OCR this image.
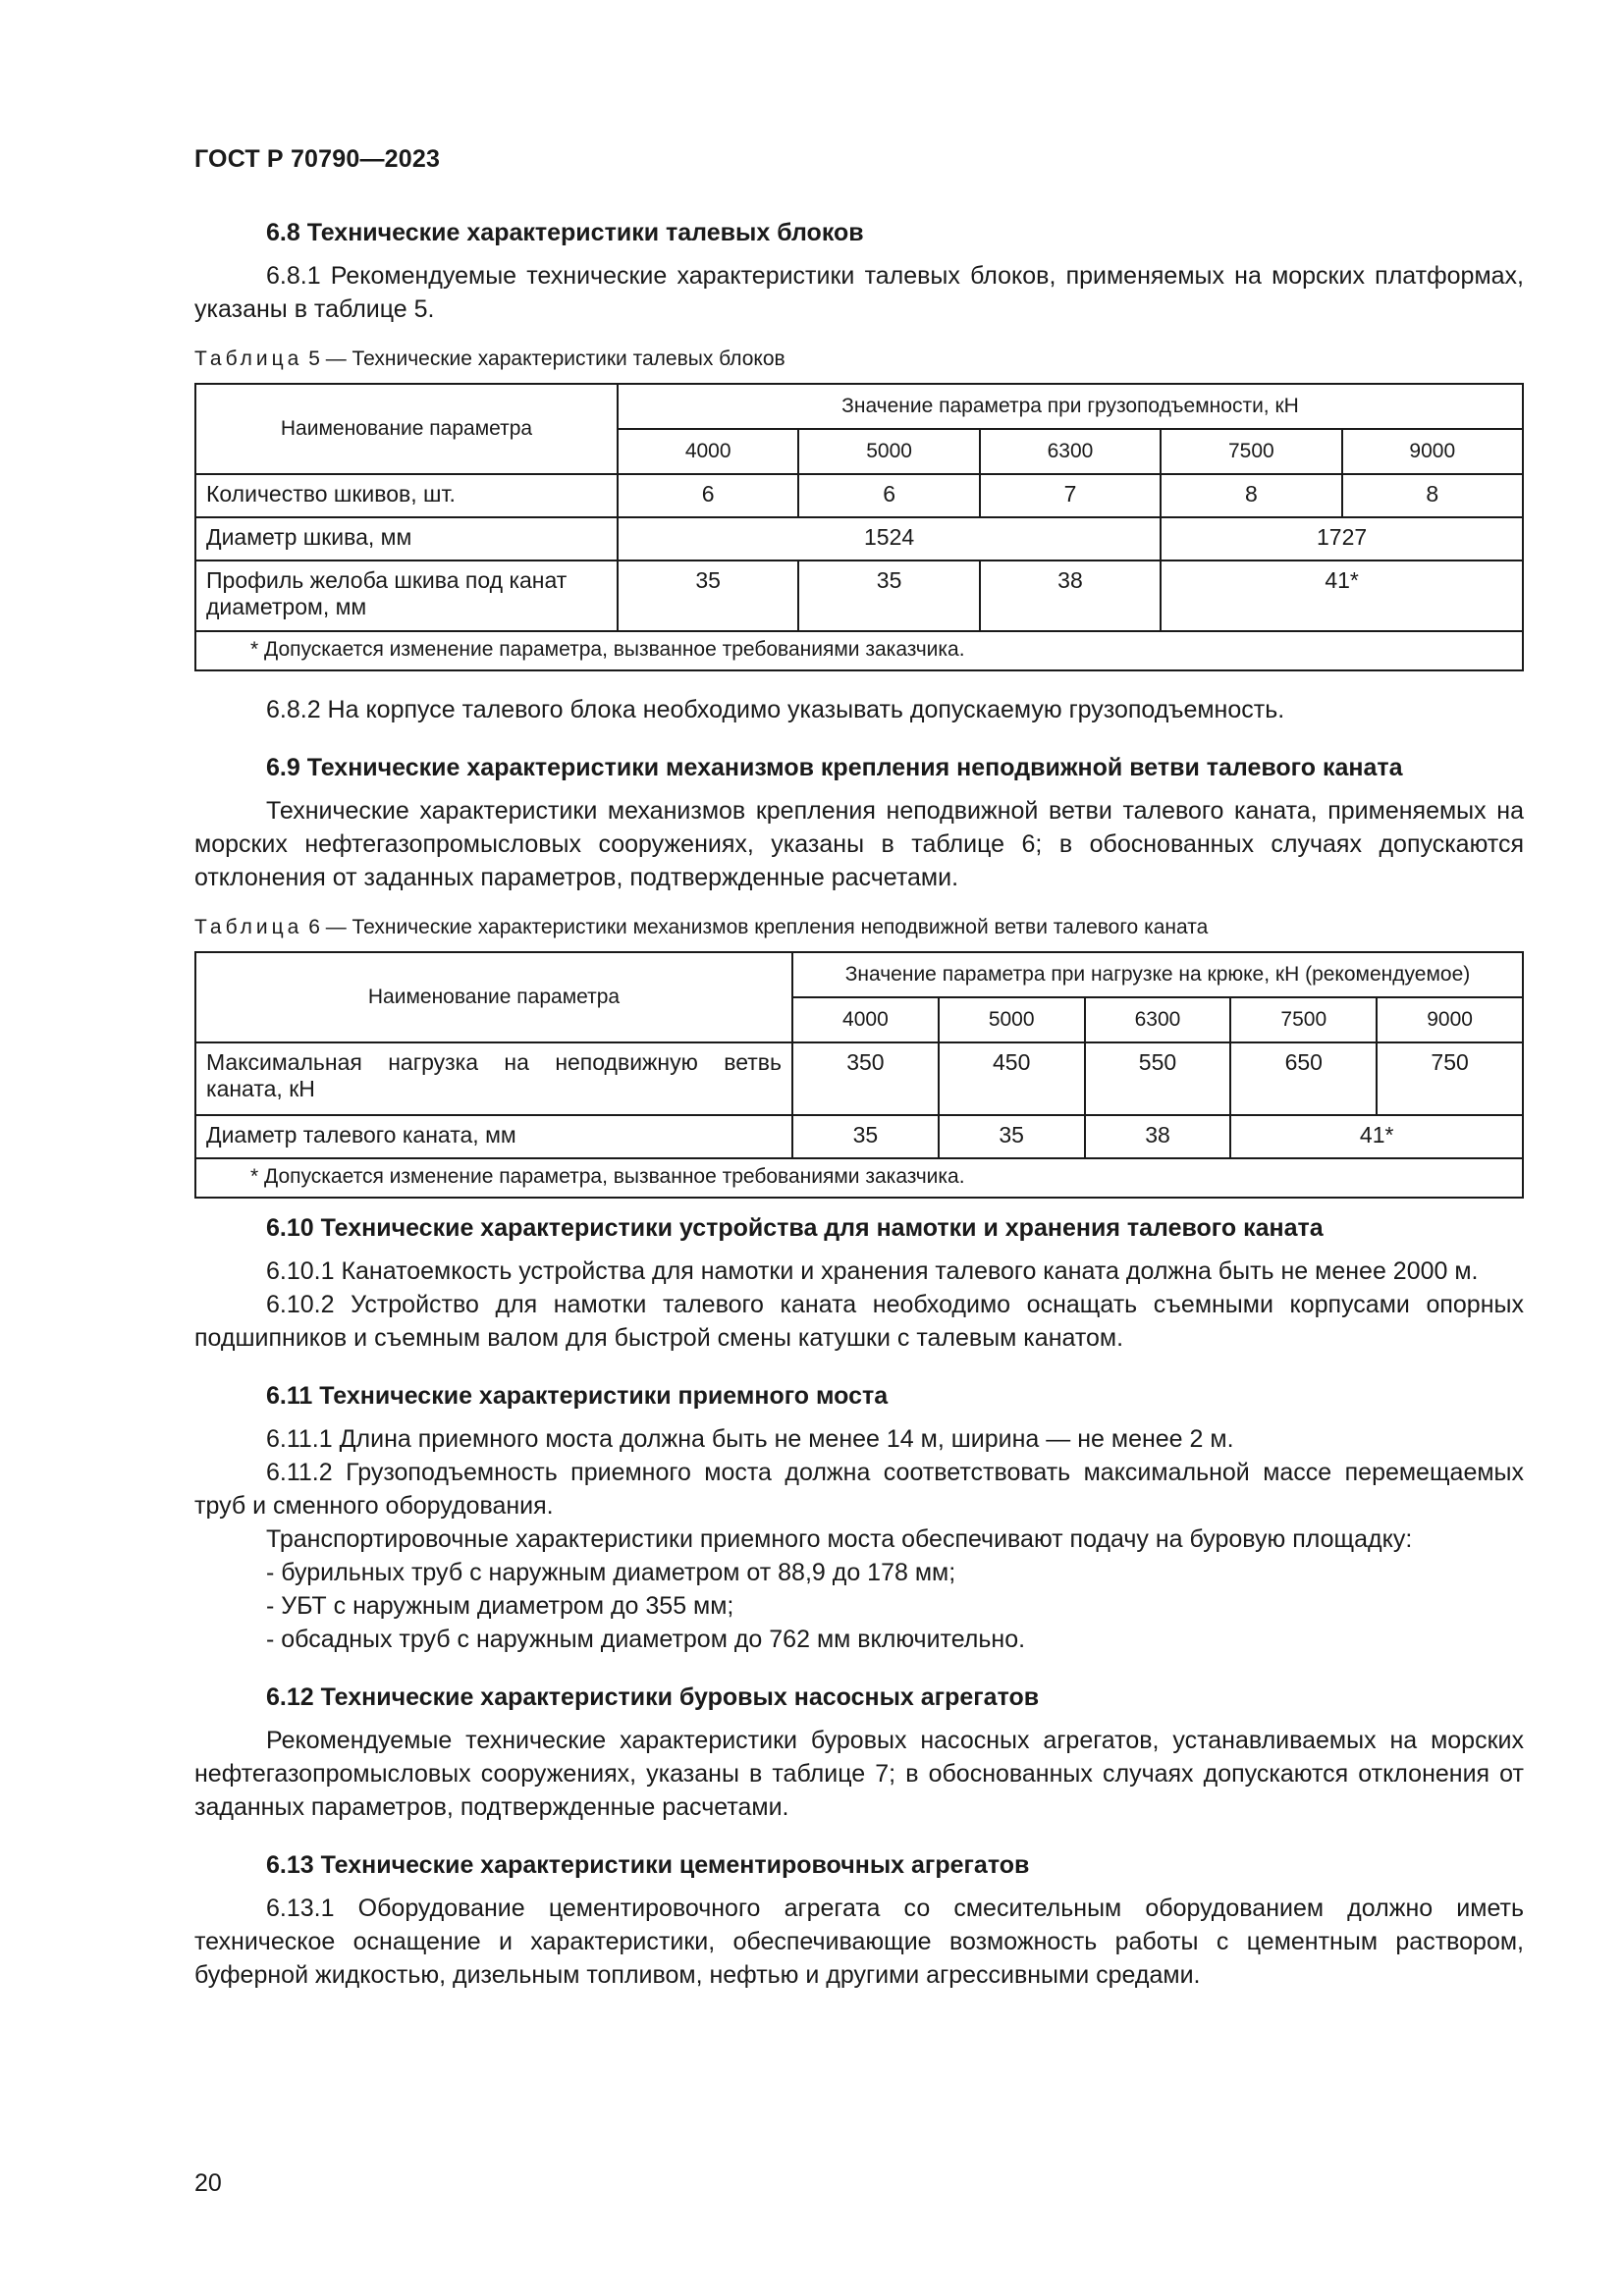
ГОСТ Р 70790—2023
6.8 Технические характеристики талевых блоков

6.8.1 Рекомендуемые технические характеристики талевых блоков, применяемых на морских платформах, указаны в таблице 5.

Таблица 5 — Технические характеристики талевых блоков
Наименование параметра	Значение параметра при грузоподъемности, кН				
	4000	5000	6300	7500	9000
Количество шкивов, шт.	6	6	7	8	8
Диаметр шкива, мм	1524			1727	
Профиль желоба шкива под канат диаметром, мм	35	35	38	41*	
* Допускается изменение параметра, вызванное требованиями заказчика.					

6.8.2 На корпусе талевого блока необходимо указывать допускаемую грузоподъемность.

6.9 Технические характеристики механизмов крепления неподвижной ветви талевого каната

Технические характеристики механизмов крепления неподвижной ветви талевого каната, применяемых на морских нефтегазопромысловых сооружениях, указаны в таблице 6; в обоснованных случаях допускаются отклонения от заданных параметров, подтвержденные расчетами.

Таблица 6 — Технические характеристики механизмов крепления неподвижной ветви талевого каната
Наименование параметра	Значение параметра при нагрузке на крюке, кН (рекомендуемое)				
	4000	5000	6300	7500	9000
Максимальная нагрузка на неподвижную ветвь каната, кН	350	450	550	650	750
Диаметр талевого каната, мм	35	35	38	41*	
* Допускается изменение параметра, вызванное требованиями заказчика.					
6.10 Технические характеристики устройства для намотки и хранения талевого каната

6.10.1 Канатоемкость устройства для намотки и хранения талевого каната должна быть не менее 2000 м.

6.10.2 Устройство для намотки талевого каната необходимо оснащать съемными корпусами опорных подшипников и съемным валом для быстрой смены катушки с талевым канатом.

6.11 Технические характеристики приемного моста

6.11.1 Длина приемного моста должна быть не менее 14 м, ширина — не менее 2 м.

6.11.2 Грузоподъемность приемного моста должна соответствовать максимальной массе перемещаемых труб и сменного оборудования.

Транспортировочные характеристики приемного моста обеспечивают подачу на буровую площадку:

- бурильных труб с наружным диаметром от 88,9 до 178 мм;

- УБТ с наружным диаметром до 355 мм;

- обсадных труб с наружным диаметром до 762 мм включительно.

6.12 Технические характеристики буровых насосных агрегатов

Рекомендуемые технические характеристики буровых насосных агрегатов, устанавливаемых на морских нефтегазопромысловых сооружениях, указаны в таблице 7; в обоснованных случаях допускаются отклонения от заданных параметров, подтвержденные расчетами.

6.13 Технические характеристики цементировочных агрегатов

6.13.1 Оборудование цементировочного агрегата со смесительным оборудованием должно иметь техническое оснащение и характеристики, обеспечивающие возможность работы с цементным раствором, буферной жидкостью, дизельным топливом, нефтью и другими агрессивными средами.

20
